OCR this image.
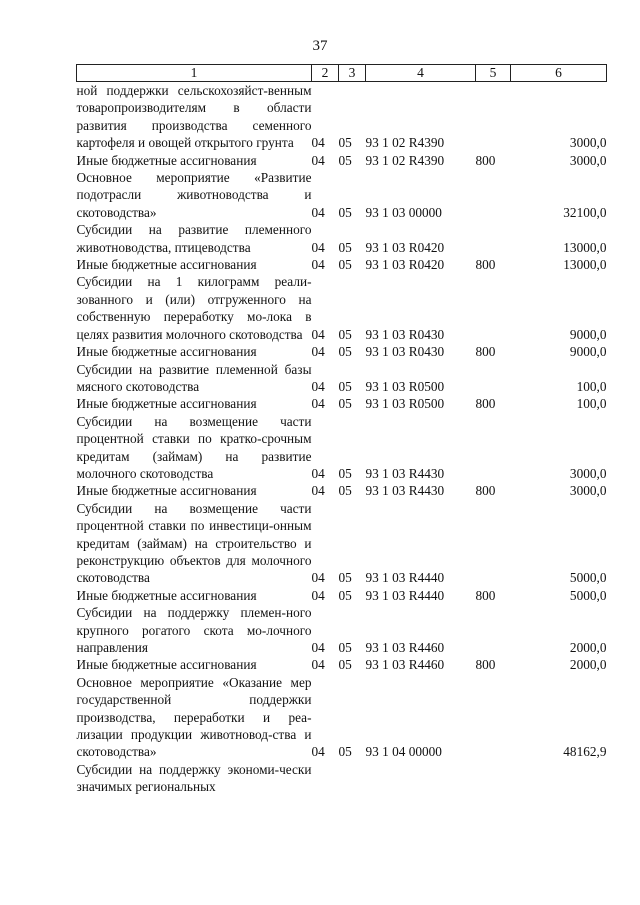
37
1	2	3	4	5	6
ной поддержки сельскохозяйст-венным товаропроизводителям в области развития производства семенного картофеля и овощей открытого грунта	04	05	93 1 02 R4390		3000,0
Иные бюджетные ассигнования	04	05	93 1 02 R4390	800	3000,0
Основное мероприятие «Развитие подотрасли животноводства и скотоводства»	04	05	93 1 03 00000		32100,0
Субсидии на развитие племенного животноводства, птицеводства	04	05	93 1 03 R0420		13000,0
Иные бюджетные ассигнования	04	05	93 1 03 R0420	800	13000,0
Субсидии на 1 килограмм реали-зованного и (или) отгруженного на собственную переработку мо-лока в целях развития молочного скотоводства	04	05	93 1 03 R0430		9000,0
Иные бюджетные ассигнования	04	05	93 1 03 R0430	800	9000,0
Субсидии на развитие племенной базы мясного скотоводства	04	05	93 1 03 R0500		100,0
Иные бюджетные ассигнования	04	05	93 1 03 R0500	800	100,0
Субсидии на возмещение части процентной ставки по кратко-срочным кредитам (займам) на развитие молочного скотоводства	04	05	93 1 03 R4430		3000,0
Иные бюджетные ассигнования	04	05	93 1 03 R4430	800	3000,0
Субсидии на возмещение части процентной ставки по инвестици-онным кредитам (займам) на строительство и реконструкцию объектов для молочного скотоводства	04	05	93 1 03 R4440		5000,0
Иные бюджетные ассигнования	04	05	93 1 03 R4440	800	5000,0
Субсидии на поддержку племен-ного крупного рогатого скота мо-лочного направления	04	05	93 1 03 R4460		2000,0
Иные бюджетные ассигнования	04	05	93 1 03 R4460	800	2000,0
Основное мероприятие «Оказание мер государственной поддержки производства, переработки и реа-лизации продукции животновод-ства и скотоводства»	04	05	93 1 04 00000		48162,9
Субсидии на поддержку экономи-чески значимых региональных					
